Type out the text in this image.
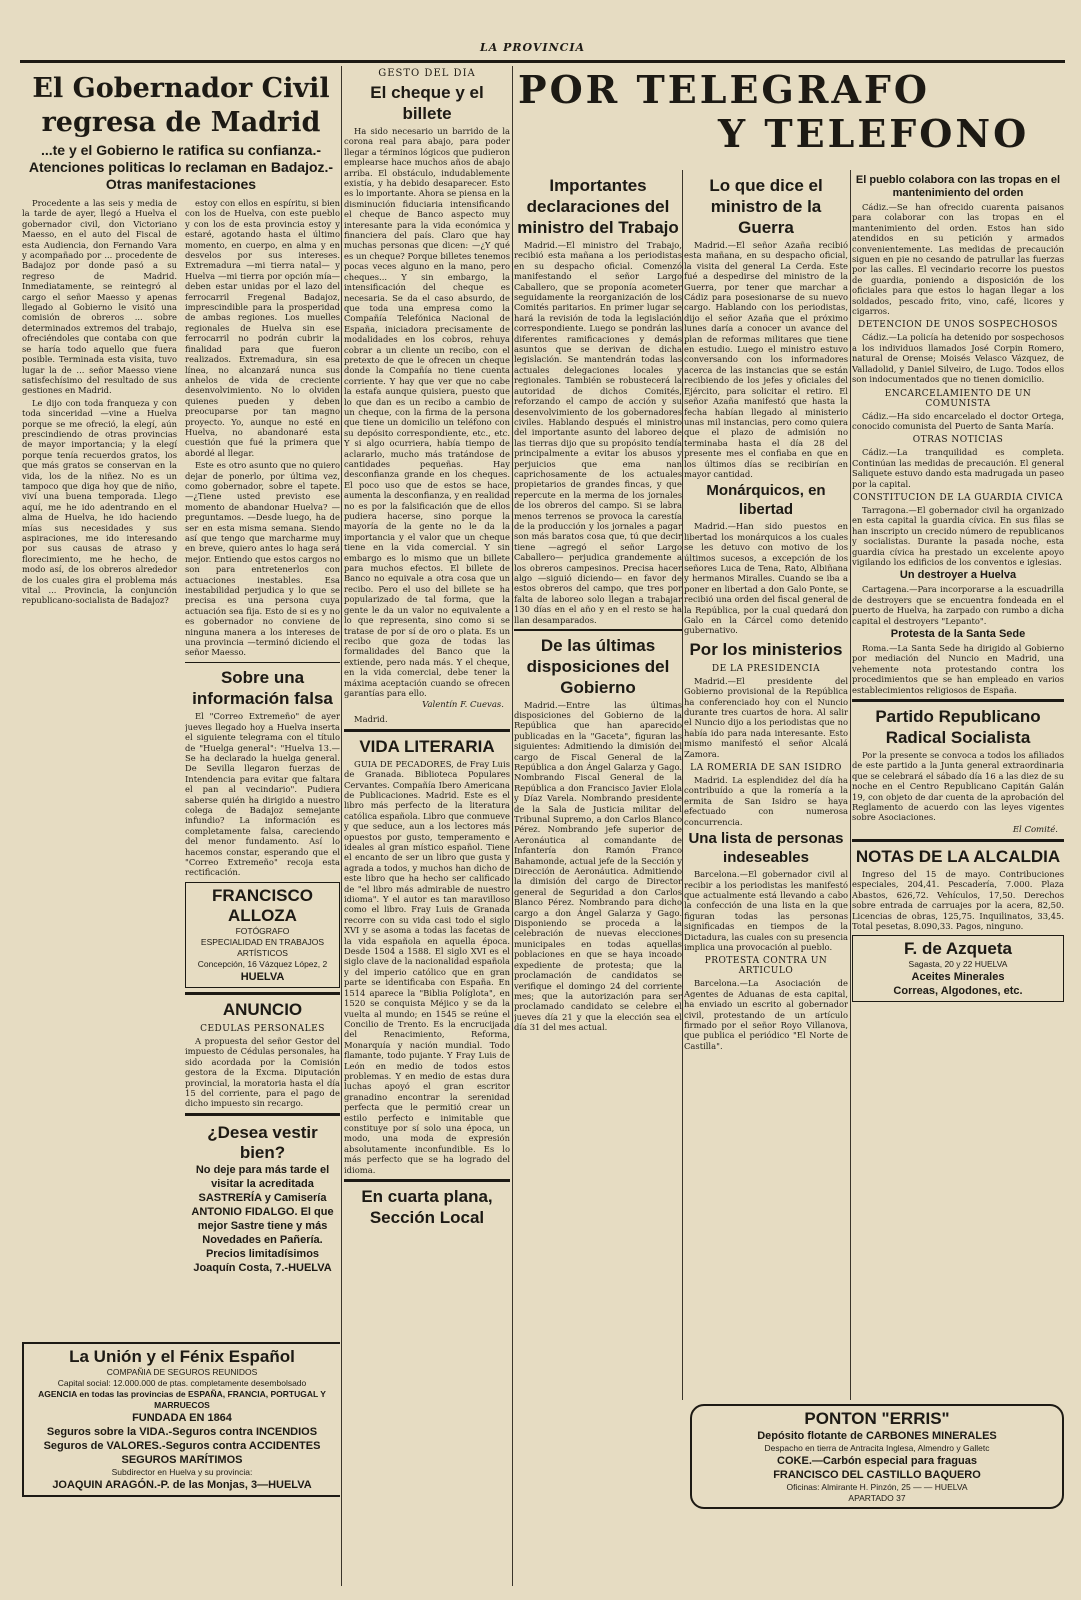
LA PROVINCIA
El Gobernador Civil regresa de Madrid
...te y el Gobierno le ratifica su confianza.-Atenciones politicas lo reclaman en Badajoz.-Otras manifestaciones

Procedente a las seis y media de la tarde de ayer, llegó a Huelva el gobernador civil, don Victoriano Maesso, en el auto del Fiscal de esta Audiencia, don Fernando Vara y acompañado por ... procedente de Badajoz por donde pasó a su regreso de Madrid. Inmediatamente, se reintegró al cargo el señor Maesso y apenas llegado al Gobierno le visitó una comisión de obreros ... sobre determinados extremos del trabajo, ofreciéndoles que contaba con que se haría todo aquello que fuera posible. Terminada esta visita, tuvo lugar la de ... señor Maesso viene satisfechísimo del resultado de sus gestiones en Madrid.

Le dijo con toda franqueza y con toda sinceridad —vine a Huelva porque se me ofreció, la elegí, aún prescindiendo de otras provincias de mayor importancia; y la elegí porque tenía recuerdos gratos, los que más gratos se conservan en la vida, los de la niñez. No es un tampoco que diga hoy que de niño, viví una buena temporada. Llego aquí, me he ido adentrando en el alma de Huelva, he ido haciendo mías sus necesidades y sus aspiraciones, me ido interesando por sus causas de atraso y florecimiento, me he hecho, de modo así, de los obreros alrededor de los cuales gira el problema más vital ... Provincia, la conjunción republicano-socialista de Badajoz?

estoy con ellos en espíritu, si bien con los de Huelva, con este pueblo y con los de esta provincia estoy y estaré, agotando hasta el último momento, en cuerpo, en alma y en desvelos por sus intereses. Extremadura —mi tierra natal— y Huelva —mi tierra por opción mía— deben estar unidas por el lazo del ferrocarril Fregenal Badajoz, imprescindible para la prosperidad de ambas regiones. Los muelles regionales de Huelva sin ese ferrocarril no podrán cubrir la finalidad para que fueron realizados. Extremadura, sin esa línea, no alcanzará nunca sus anhelos de vida de creciente desenvolvimiento. No lo olviden quienes pueden y deben preocuparse por tan magno proyecto. Yo, aunque no esté en Huelva, no abandonaré esta cuestión que fué la primera que abordé al llegar.

Este es otro asunto que no quiero dejar de ponerlo, por última vez, como gobernador, sobre el tapete. —¿Tiene usted previsto ese momento de abandonar Huelva? —preguntamos. —Desde luego, ha de ser en esta misma semana. Siendo así que tengo que marcharme muy en breve, quiero antes lo haga será mejor. Entiendo que estos cargos no son para entretenerlos con actuaciones inestables. Esa inestabilidad perjudica y lo que se precisa es una persona cuya actuación sea fija. Esto de si es y no es gobernador no conviene de ninguna manera a los intereses de una provincia —terminó diciendo el señor Maesso.

Sobre una información falsa

El "Correo Extremeño" de ayer jueves llegado hoy a Huelva inserta el siguiente telegrama con el título de "Huelga general": "Huelva 13.—Se ha declarado la huelga general. De Sevilla llegaron fuerzas de Intendencia para evitar que faltara el pan al vecindario". Pudiera saberse quién ha dirigido a nuestro colega de Badajoz semejante infundio? La información es completamente falsa, careciendo del menor fundamento. Así lo hacemos constar, esperando que el "Correo Extremeño" recoja esta rectificación.

FRANCISCO ALLOZA
FOTÓGRAFO
ESPECIALIDAD EN TRABAJOS ARTÍSTICOS
Concepción, 16 Vázquez López, 2
HUELVA
ANUNCIO
CEDULAS PERSONALES

A propuesta del señor Gestor del impuesto de Cédulas personales, ha sido acordada por la Comisión gestora de la Excma. Diputación provincial, la moratoria hasta el día 15 del corriente, para el pago de dicho impuesto sin recargo.

¿Desea vestir bien?
No deje para más tarde el visitar la acreditada SASTRERÍA y Camisería ANTONIO FIDALGO. El que mejor Sastre tiene y más Novedades en Pañería.
Precios limitadísimos
Joaquín Costa, 7.-HUELVA
La Unión y el Fénix Español
COMPAÑIA DE SEGUROS REUNIDOS
Capital social: 12.000.000 de ptas. completamente desembolsado
AGENCIA en todas las provincias de ESPAÑA, FRANCIA, PORTUGAL Y MARRUECOS
FUNDADA EN 1864
Seguros sobre la VIDA.-Seguros contra INCENDIOS
Seguros de VALORES.-Seguros contra ACCIDENTES
SEGUROS MARÍTIMOS
Subdirector en Huelva y su provincia:
JOAQUIN ARAGÓN.-P. de las Monjas, 3—HUELVA
GESTO DEL DIA
El cheque y el billete

Ha sido necesario un barrido de la corona real para abajo, para poder llegar a términos lógicos que pudieron emplearse hace muchos años de abajo arriba. El obstáculo, indudablemente existía, y ha debido desaparecer. Esto es lo importante. Ahora se piensa en la disminución fiduciaria intensificando el cheque de Banco aspecto muy interesante para la vida económica y financiera del país. Claro que hay muchas personas que dicen: —¿Y qué es un cheque? Porque billetes tenemos pocas veces alguno en la mano, pero cheques... Y sin embargo, la intensificación del cheque es necesaria. Se da el caso absurdo, de que toda una empresa como la Compañía Telefónica Nacional de España, iniciadora precisamente de modalidades en los cobros, rehuya cobrar a un cliente un recibo, con el pretexto de que le ofrecen un cheque donde la Compañía no tiene cuenta corriente. Y hay que ver que no cabe la estafa aunque quisiera, puesto que lo que dan es un recibo a cambio de un cheque, con la firma de la persona que tiene un domicilio un teléfono con su depósito correspondiente, etc., etc. Y si algo ocurriera, había tiempo de aclararlo, mucho más tratándose de cantidades pequeñas. Hay desconfianza grande en los cheques. El poco uso que de estos se hace, aumenta la desconfianza, y en realidad no es por la falsificación que de ellos pudiera hacerse, sino porque la mayoría de la gente no le da la importancia y el valor que un cheque tiene en la vida comercial. Y sin embargo es lo mismo que un billete para muchos efectos. El billete de Banco no equivale a otra cosa que un recibo. Pero el uso del billete se ha popularizado de tal forma, que la gente le da un valor no equivalente a lo que representa, sino como si se tratase de por sí de oro o plata. Es un recibo que goza de todas las formalidades del Banco que la extiende, pero nada más. Y el cheque, en la vida comercial, debe tener la máxima aceptación cuando se ofrecen garantías para ello.

Valentín F. Cuevas.

Madrid.

VIDA LITERARIA

GUIA DE PECADORES, de Fray Luis de Granada. Biblioteca Populares Cervantes. Compañía Ibero Americana de Publicaciones. Madrid. Este es el libro más perfecto de la literatura católica española. Libro que conmueve y que seduce, aun a los lectores más opuestos por gusto, temperamento e ideales al gran místico español. Tiene el encanto de ser un libro que gusta y agrada a todos, y muchos han dicho de este libro que ha hecho ser calificado de "el libro más admirable de nuestro idioma". Y el autor es tan maravilloso como el libro. Fray Luis de Granada recorre con su vida casi todo el siglo XVI y se asoma a todas las facetas de la vida española en aquella época. Desde 1504 a 1588. El siglo XVI es el siglo clave de la nacionalidad española y del imperio católico que en gran parte se identificaba con España. En 1514 aparece la "Biblia Políglota", en 1520 se conquista Méjico y se da la vuelta al mundo; en 1545 se reúne el Concilio de Trento. Es la encrucijada del Renacimiento, Reforma, Monarquía y nación mundial. Todo flamante, todo pujante. Y Fray Luis de León en medio de todos estos problemas. Y en medio de estas dura luchas apoyó el gran escritor granadino encontrar la serenidad perfecta que le permitió crear un estilo perfecto e inimitable que constituye por sí solo una época, un modo, una moda de expresión absolutamente inconfundible. Es lo más perfecto que se ha logrado del idioma.

En cuarta plana, Sección Local
POR TELEGRAFO
Y TELEFONO
Importantes declaraciones del ministro del Trabajo

Madrid.—El ministro del Trabajo, recibió esta mañana a los periodistas en su despacho oficial. Comenzó manifestando el señor Largo Caballero, que se proponía acometer seguidamente la reorganización de los Comités paritarios. En primer lugar se hará la revisión de toda la legislación correspondiente. Luego se pondrán las diferentes ramificaciones y demás asuntos que se derivan de dicha legislación. Se mantendrán todas las actuales delegaciones locales y regionales. También se robustecerá la autoridad de dichos Comités, reforzando el campo de acción y su desenvolvimiento de los gobernadores civiles. Hablando después el ministro del importante asunto del laboreo de las tierras dijo que su propósito tendía principalmente a evitar los abusos y perjuicios que ema nan caprichosamente de los actuales propietarios de grandes fincas, y que repercute en la merma de los jornales de los obreros del campo. Si se labra menos terrenos se provoca la carestía de la producción y los jornales a pagar son más baratos cosa que, tú que decir tiene —agregó el señor Largo Caballero— perjudica grandemente a los obreros campesinos. Precisa hacer algo —siguió diciendo— en favor de estos obreros del campo, que tres por falta de laboreo solo llegan a trabajar 130 días en el año y en el resto se ha llan desamparados.

De las últimas disposiciones del Gobierno

Madrid.—Entre las últimas disposiciones del Gobierno de la República que han aparecido publicadas en la "Gaceta", figuran las siguientes: Admitiendo la dimisión del cargo de Fiscal General de la República a don Ángel Galarza y Gago. Nombrando Fiscal General de la República a don Francisco Javier Elola y Díaz Varela. Nombrando presidente de la Sala de Justicia militar del Tribunal Supremo, a don Carlos Blanco Pérez. Nombrando jefe superior de Aeronáutica al comandante de Infantería don Ramón Franco Bahamonde, actual jefe de la Sección y Dirección de Aeronáutica. Admitiendo la dimisión del cargo de Director general de Seguridad a don Carlos Blanco Pérez. Nombrando para dicho cargo a don Ángel Galarza y Gago. Disponiendo se proceda a la celebración de nuevas elecciones municipales en todas aquellas poblaciones en que se haya incoado expediente de protesta; que la proclamación de candidatos se verifique el domingo 24 del corriente mes; que la autorización para ser proclamado candidato se celebre el jueves día 21 y que la elección sea el día 31 del mes actual.

Lo que dice el ministro de la Guerra

Madrid.—El señor Azaña recibió esta mañana, en su despacho oficial, la visita del general La Cerda. Este fué a despedirse del ministro de la Guerra, por tener que marchar a Cádiz para posesionarse de su nuevo cargo. Hablando con los periodistas, dijo el señor Azaña que el próximo lunes daría a conocer un avance del plan de reformas militares que tiene en estudio. Luego el ministro estuvo conversando con los informadores acerca de las instancias que se están recibiendo de los jefes y oficiales del Ejército, para solicitar el retiro. El señor Azaña manifestó que hasta la fecha habían llegado al ministerio unas mil instancias, pero como quiera que el plazo de admisión no terminaba hasta el día 28 del presente mes el confiaba en que en los últimos días se recibirían en mayor cantidad.

Monárquicos, en libertad

Madrid.—Han sido puestos en libertad los monárquicos a los cuales se les detuvo con motivo de los últimos sucesos, a excepción de los señores Luca de Tena, Rato, Albiñana y hermanos Miralles. Cuando se iba a poner en libertad a don Galo Ponte, se recibió una orden del fiscal general de la República, por la cual quedará don Galo en la Cárcel como detenido gubernativo.

Por los ministerios
DE LA PRESIDENCIA

Madrid.—El presidente del Gobierno provisional de la República ha conferenciado hoy con el Nuncio durante tres cuartos de hora. Al salir el Nuncio dijo a los periodistas que no había ido para nada interesante. Esto mismo manifestó el señor Alcalá Zamora.

LA ROMERIA DE SAN ISIDRO

Madrid. La esplendidez del día ha contribuído a que la romería a la ermita de San Isidro se haya efectuado con numerosa concurrencia.

Una lista de personas indeseables

Barcelona.—El gobernador civil al recibir a los periodistas les manifestó que actualmente está llevando a cabo la confección de una lista en la que figuran todas las personas significadas en tiempos de la Dictadura, las cuales con su presencia implica una provocación al pueblo.

PROTESTA CONTRA UN ARTICULO

Barcelona.—La Asociación de Agentes de Aduanas de esta capital, ha enviado un escrito al gobernador civil, protestando de un artículo firmado por el señor Royo Villanova, que publica el periódico "El Norte de Castilla".

El pueblo colabora con las tropas en el mantenimiento del orden

Cádiz.—Se han ofrecido cuarenta paisanos para colaborar con las tropas en el mantenimiento del orden. Estos han sido atendidos en su petición y armados convenientemente. Las medidas de precaución siguen en pie no cesando de patrullar las fuerzas por las calles. El vecindario recorre los puestos de guardia, poniendo a disposición de los oficiales para que estos lo hagan llegar a los soldados, pescado frito, vino, café, licores y cigarros.

DETENCION DE UNOS SOSPECHOSOS

Cádiz.—La policía ha detenido por sospechosos a los individuos llamados José Corpin Romero, natural de Orense; Moisés Velasco Vázquez, de Valladolid, y Daniel Silveiro, de Lugo. Todos ellos son indocumentados que no tienen domicilio.

ENCARCELAMIENTO DE UN COMUNISTA

Cádiz.—Ha sido encarcelado el doctor Ortega, conocido comunista del Puerto de Santa María.

OTRAS NOTICIAS

Cádiz.—La tranquilidad es completa. Continúan las medidas de precaución. El general Saliquete estuvo dando esta madrugada un paseo por la capital.

CONSTITUCION DE LA GUARDIA CIVICA

Tarragona.—El gobernador civil ha organizado en esta capital la guardia cívica. En sus filas se han inscripto un crecido número de republicanos y socialistas. Durante la pasada noche, esta guardia cívica ha prestado un excelente apoyo vigilando los edificios de los conventos e iglesias.

Un destroyer a Huelva

Cartagena.—Para incorporarse a la escuadrilla de destroyers que se encuentra fondeada en el puerto de Huelva, ha zarpado con rumbo a dicha capital el destroyers "Lepanto".

Protesta de la Santa Sede

Roma.—La Santa Sede ha dirigido al Gobierno por mediación del Nuncio en Madrid, una vehemente nota protestando contra los procedimientos que se han empleado en varios establecimientos religiosos de España.

Partido Republicano Radical Socialista

Por la presente se convoca a todos los afiliados de este partido a la Junta general extraordinaria que se celebrará el sábado día 16 a las diez de su noche en el Centro Republicano Capitán Galán 19, con objeto de dar cuenta de la aprobación del Reglamento de acuerdo con las leyes vigentes sobre Asociaciones.

El Comité.
NOTAS DE LA ALCALDIA

Ingreso del 15 de mayo. Contribuciones especiales, 204,41. Pescadería, 7.000. Plaza Abastos, 626,72. Vehículos, 17,50. Derechos sobre entrada de carruajes por la acera, 82,50. Licencias de obras, 125,75. Inquilinatos, 33,45. Total pesetas, 8.090,33. Pagos, ninguno.

F. de Azqueta
Sagasta, 20 y 22 HUELVA
Aceites Minerales
Correas, Algodones, etc.
PONTON "ERRIS"
Depósito flotante de CARBONES MINERALES
Despacho en tierra de Antracita Inglesa, Almendro y Galletc
COKE.—Carbón especial para fraguas
FRANCISCO DEL CASTILLO BAQUERO
Oficinas: Almirante H. Pinzón, 25 — — HUELVA
APARTADO 37
